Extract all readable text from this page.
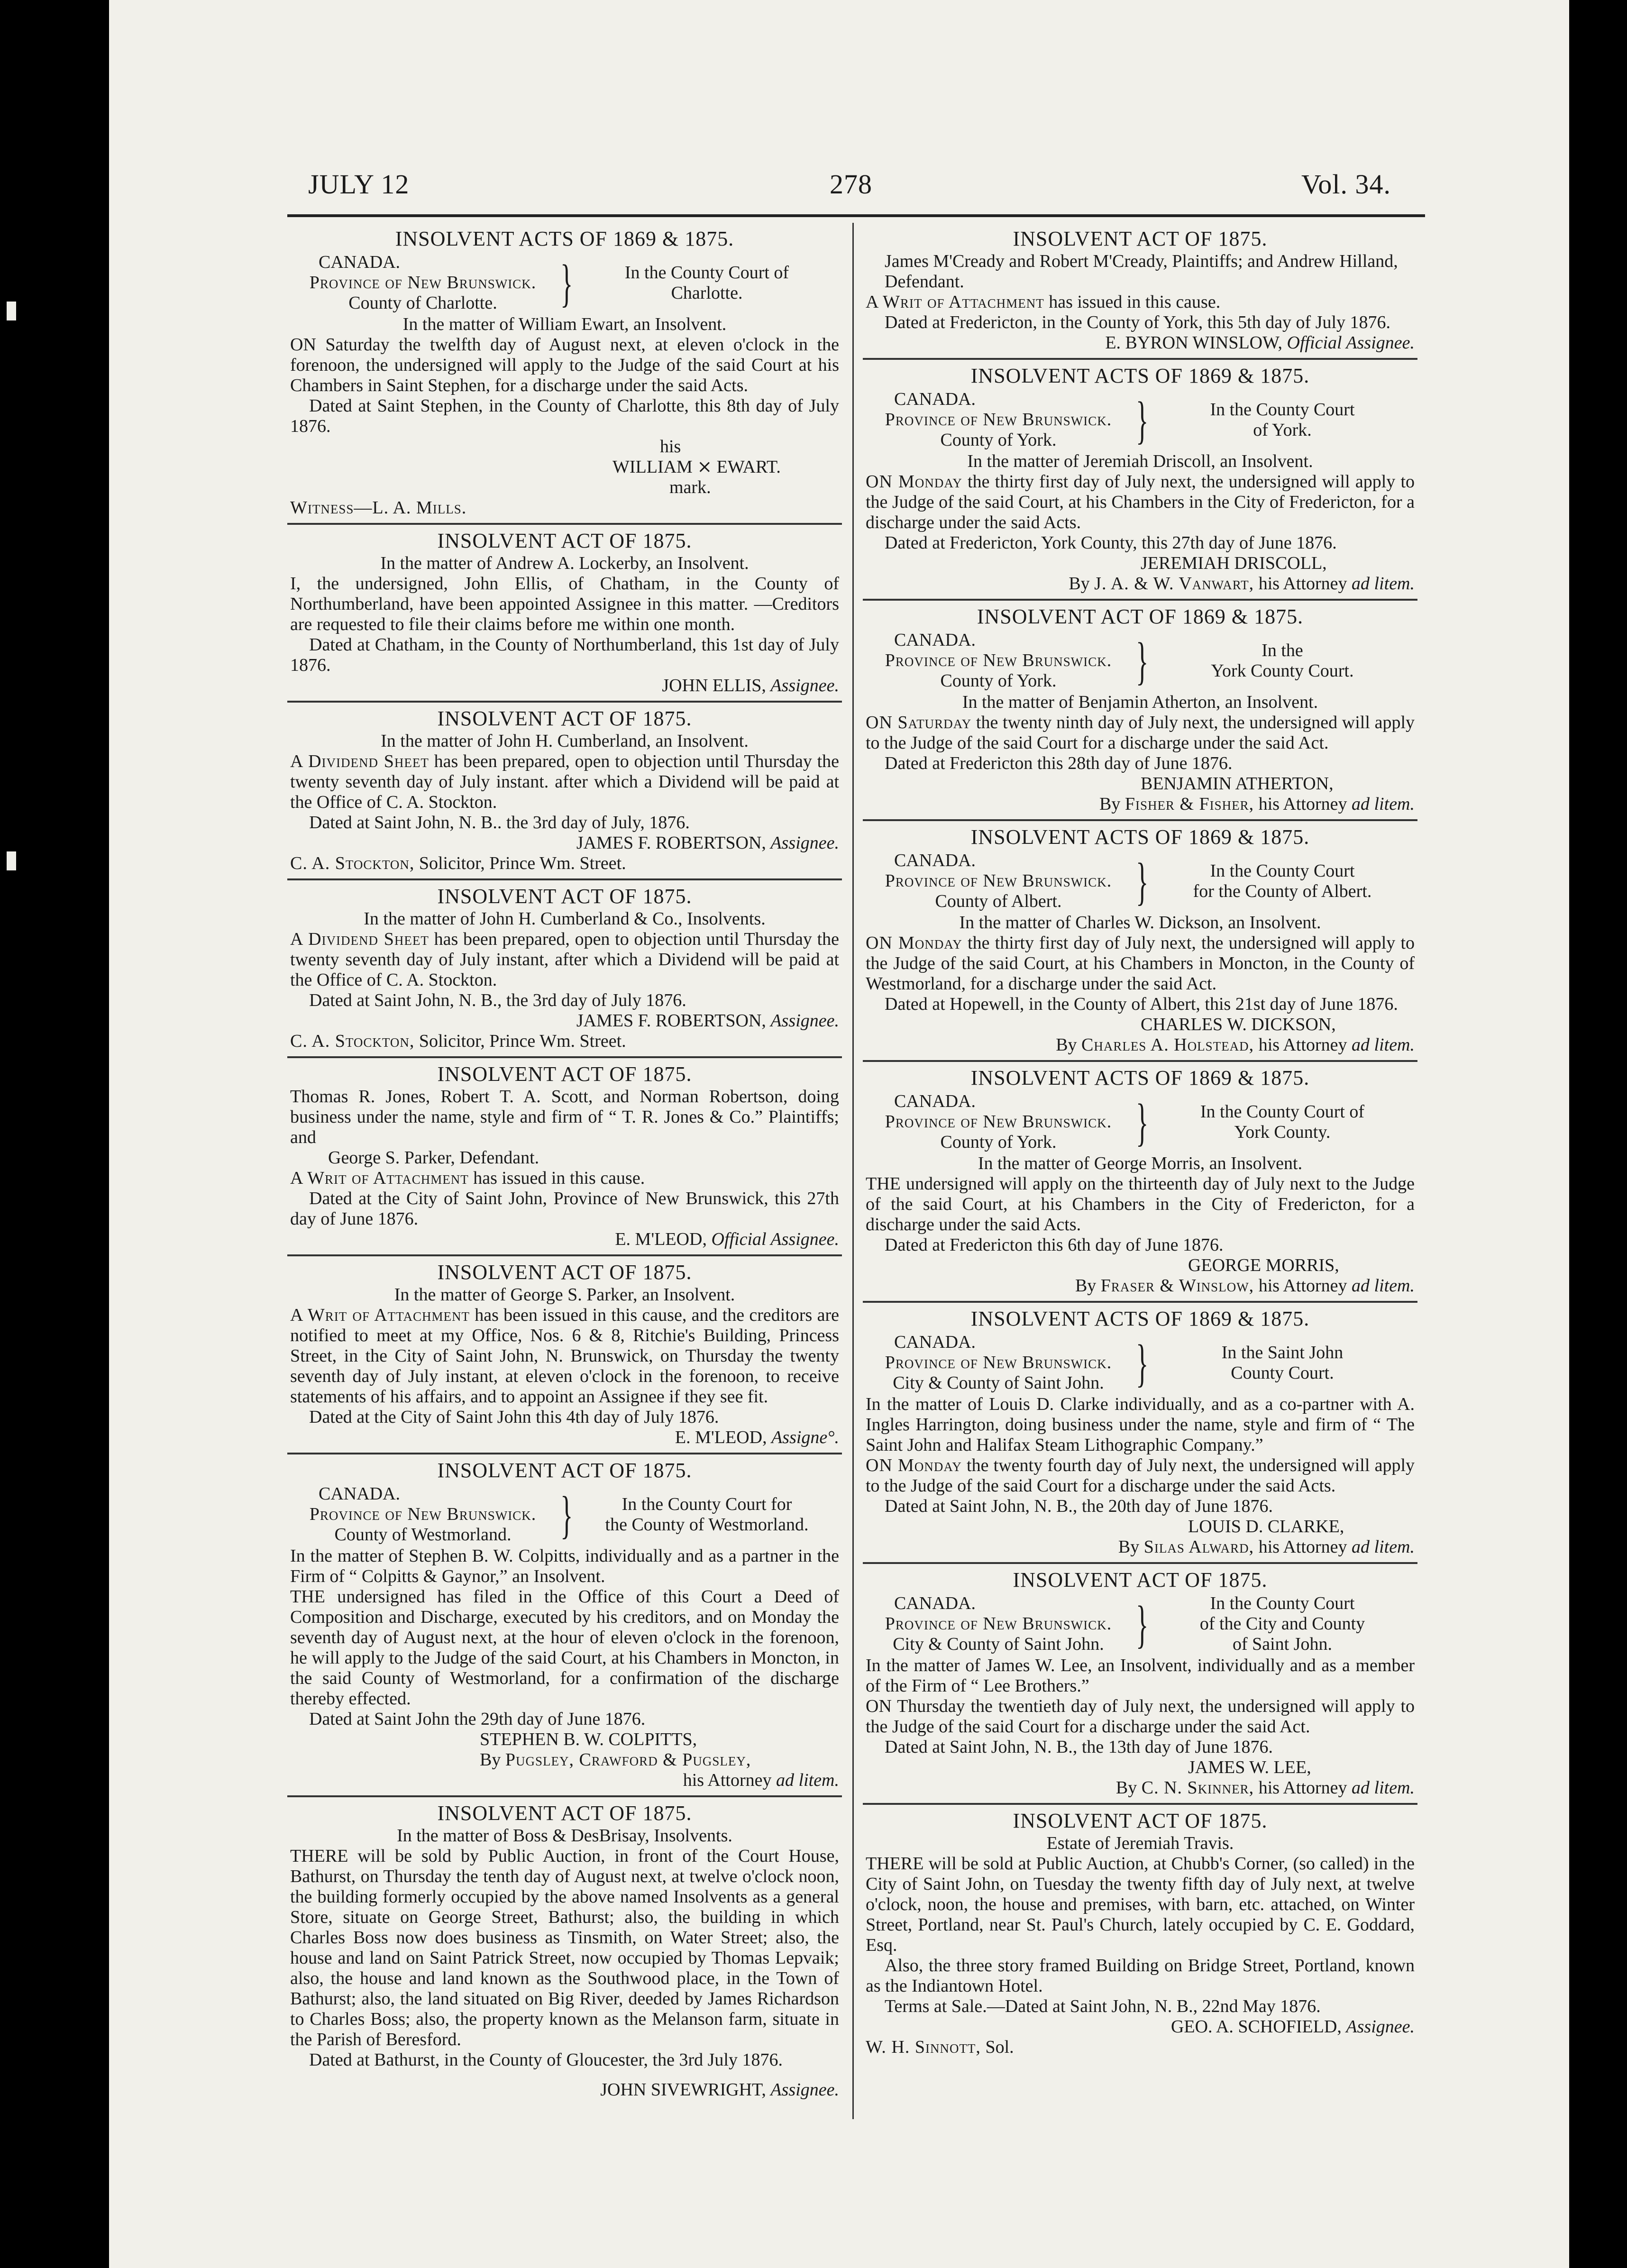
JULY 12	278	Vol. 34.
INSOLVENT ACTS OF 1869 & 1875.
CANADA.
Province of New Brunswick.
County of Charlotte.	}	In the County Court of
Charlotte.
In the matter of William Ewart, an Insolvent.
ON Saturday the twelfth day of August next, at eleven o'clock in the forenoon, the undersigned will apply to the Judge of the said Court at his Chambers in Saint Stephen, for a discharge under the said Acts.
Dated at Saint Stephen, in the County of Charlotte, this 8th day of July 1876.
his
WILLIAM ⨯ EWART.
mark.
Witness—L. A. Mills.
INSOLVENT ACT OF 1875.
In the matter of Andrew A. Lockerby, an Insolvent.
I, the undersigned, John Ellis, of Chatham, in the County of Northumberland, have been appointed Assignee in this matter. —Creditors are requested to file their claims before me within one month.
Dated at Chatham, in the County of Northumberland, this 1st day of July 1876.
JOHN ELLIS, Assignee.
INSOLVENT ACT OF 1875.
In the matter of John H. Cumberland, an Insolvent.
A Dividend Sheet has been prepared, open to objection until Thursday the twenty seventh day of July instant. after which a Dividend will be paid at the Office of C. A. Stockton.
Dated at Saint John, N. B.. the 3rd day of July, 1876.
JAMES F. ROBERTSON, Assignee.
C. A. Stockton, Solicitor, Prince Wm. Street.
INSOLVENT ACT OF 1875.
In the matter of John H. Cumberland & Co., Insolvents.
A Dividend Sheet has been prepared, open to objection until Thursday the twenty seventh day of July instant, after which a Dividend will be paid at the Office of C. A. Stockton.
Dated at Saint John, N. B., the 3rd day of July 1876.
JAMES F. ROBERTSON, Assignee.
C. A. Stockton, Solicitor, Prince Wm. Street.
INSOLVENT ACT OF 1875.
Thomas R. Jones, Robert T. A. Scott, and Norman Robertson, doing business under the name, style and firm of “ T. R. Jones & Co.” Plaintiffs; and
George S. Parker, Defendant.
A Writ of Attachment has issued in this cause.
Dated at the City of Saint John, Province of New Brunswick, this 27th day of June 1876.
E. M'LEOD, Official Assignee.
INSOLVENT ACT OF 1875.
In the matter of George S. Parker, an Insolvent.
A Writ of Attachment has been issued in this cause, and the creditors are notified to meet at my Office, Nos. 6 & 8, Ritchie's Building, Princess Street, in the City of Saint John, N. Brunswick, on Thursday the twenty seventh day of July instant, at eleven o'clock in the forenoon, to receive statements of his affairs, and to appoint an Assignee if they see fit.
Dated at the City of Saint John this 4th day of July 1876.
E. M'LEOD, Assigne°.
INSOLVENT ACT OF 1875.
CANADA.
Province of New Brunswick.
County of Westmorland. }	In the County Court for
the County of Westmorland.
In the matter of Stephen B. W. Colpitts, individually and as a partner in the Firm of “ Colpitts & Gaynor,” an Insolvent.
THE undersigned has filed in the Office of this Court a Deed of Composition and Discharge, executed by his creditors, and on Monday the seventh day of August next, at the hour of eleven o'clock in the forenoon, he will apply to the Judge of the said Court, at his Chambers in Moncton, in the said County of Westmorland, for a confirmation of the discharge thereby effected.
Dated at Saint John the 29th day of June 1876.
STEPHEN B. W. COLPITTS,
By Pugsley, Crawford & Pugsley,
his Attorney ad litem.
INSOLVENT ACT OF 1875.
In the matter of Boss & DesBrisay, Insolvents.
THERE will be sold by Public Auction, in front of the Court House, Bathurst, on Thursday the tenth day of August next, at twelve o'clock noon, the building formerly occupied by the above named Insolvents as a general Store, situate on George Street, Bathurst; also, the building in which Charles Boss now does business as Tinsmith, on Water Street; also, the house and land on Saint Patrick Street, now occupied by Thomas Lepvaik; also, the house and land known as the Southwood place, in the Town of Bathurst; also, the land situated on Big River, deeded by James Richardson to Charles Boss; also, the property known as the Melanson farm, situate in the Parish of Beresford.
Dated at Bathurst, in the County of Gloucester, the 3rd July 1876.
JOHN SIVEWRIGHT, Assignee.
INSOLVENT ACT OF 1875.
James M'Cready and Robert M'Cready, Plaintiffs; and Andrew Hilland, Defendant.
A Writ of Attachment has issued in this cause.
Dated at Fredericton, in the County of York, this 5th day of July 1876.
E. BYRON WINSLOW, Official Assignee.
INSOLVENT ACTS OF 1869 & 1875.
CANADA.
Province of New Brunswick.
County of York.	}	In the County Court
of York.
In the matter of Jeremiah Driscoll, an Insolvent.
ON Monday the thirty first day of July next, the undersigned will apply to the Judge of the said Court, at his Chambers in the City of Fredericton, for a discharge under the said Acts.
Dated at Fredericton, York County, this 27th day of June 1876.
JEREMIAH DRISCOLL,
By J. A. & W. Vanwart, his Attorney ad litem.
INSOLVENT ACT OF 1869 & 1875.
CANADA.
Province of New Brunswick.
County of York.	}	In the
York County Court.
In the matter of Benjamin Atherton, an Insolvent.
ON Saturday the twenty ninth day of July next, the undersigned will apply to the Judge of the said Court for a discharge under the said Act.
Dated at Fredericton this 28th day of June 1876.
BENJAMIN ATHERTON,
By Fisher & Fisher, his Attorney ad litem.
INSOLVENT ACTS OF 1869 & 1875.
CANADA.
Province of New Brunswick.
County of Albert.	}	In the County Court
for the County of Albert.
In the matter of Charles W. Dickson, an Insolvent.
ON Monday the thirty first day of July next, the undersigned will apply to the Judge of the said Court, at his Chambers in Moncton, in the County of Westmorland, for a discharge under the said Act.
Dated at Hopewell, in the County of Albert, this 21st day of June 1876.
CHARLES W. DICKSON,
By Charles A. Holstead, his Attorney ad litem.
INSOLVENT ACTS OF 1869 & 1875.
CANADA.
Province of New Brunswick.
County of York.	}	In the County Court of
York County.
In the matter of George Morris, an Insolvent.
THE undersigned will apply on the thirteenth day of July next to the Judge of the said Court, at his Chambers in the City of Fredericton, for a discharge under the said Acts.
Dated at Fredericton this 6th day of June 1876.
GEORGE MORRIS,
By Fraser & Winslow, his Attorney ad litem.
INSOLVENT ACTS OF 1869 & 1875.
CANADA.
Province of New Brunswick.
City & County of Saint John. }	In the Saint John
County Court.
In the matter of Louis D. Clarke individually, and as a co-partner with A. Ingles Harrington, doing business under the name, style and firm of “ The Saint John and Halifax Steam Lithographic Company.”
ON Monday the twenty fourth day of July next, the undersigned will apply to the Judge of the said Court for a discharge under the said Acts.
Dated at Saint John, N. B., the 20th day of June 1876.
LOUIS D. CLARKE,
By Silas Alward, his Attorney ad litem.
INSOLVENT ACT OF 1875.
CANADA.
Province of New Brunswick.
City & County of Saint John. }	In the County Court
of the City and County
of Saint John.
In the matter of James W. Lee, an Insolvent, individually and as a member of the Firm of “ Lee Brothers.”
ON Thursday the twentieth day of July next, the undersigned will apply to the Judge of the said Court for a discharge under the said Act.
Dated at Saint John, N. B., the 13th day of June 1876.
JAMES W. LEE,
By C. N. Skinner, his Attorney ad litem.
INSOLVENT ACT OF 1875.
Estate of Jeremiah Travis.
THERE will be sold at Public Auction, at Chubb's Corner, (so called) in the City of Saint John, on Tuesday the twenty fifth day of July next, at twelve o'clock, noon, the house and premises, with barn, etc. attached, on Winter Street, Portland, near St. Paul's Church, lately occupied by C. E. Goddard, Esq.
Also, the three story framed Building on Bridge Street, Portland, known as the Indiantown Hotel.
Terms at Sale.—Dated at Saint John, N. B., 22nd May 1876.
GEO. A. SCHOFIELD, Assignee.
W. H. Sinnott, Sol.
